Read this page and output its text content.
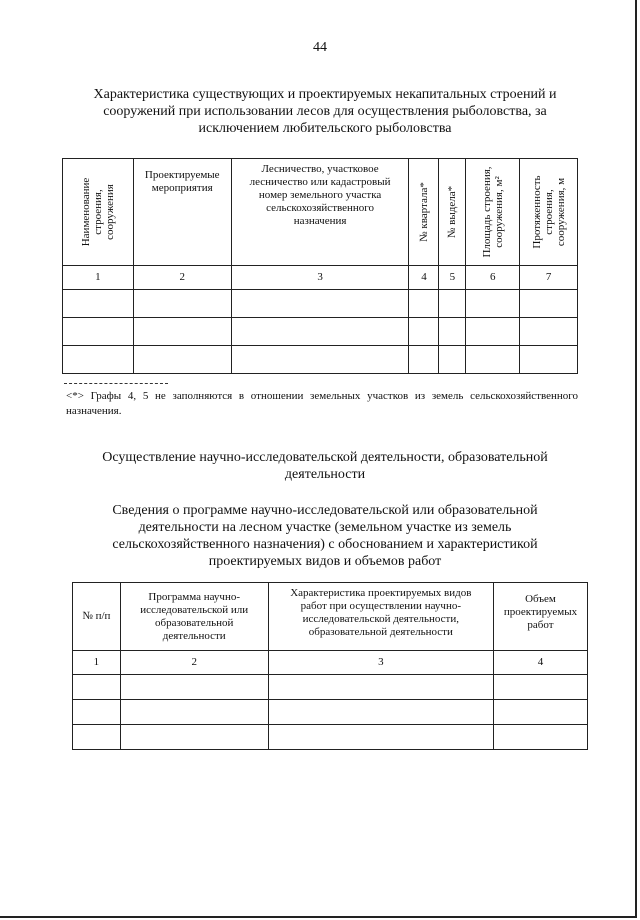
44
Характеристика существующих и проектируемых некапитальных строений и
сооружений при использовании лесов для осуществления рыболовства, за
исключением любительского рыболовства
Наименование строения, сооружения	Проектируемые мероприятия	Лесничество, участковое лесничество или кадастровый номер земельного участка сельскохозяйственного назначения	№ квартала*	№ выдела*	Площадь строения, сооружения, м²	Протяженность строения, сооружения, м

1	2	3	4	5	6	7

<*> Графы 4, 5 не заполняются в отношении земельных участков из земель сельскохозяйственного назначения.
Осуществление научно-исследовательской деятельности, образовательной
деятельности
Сведения о программе научно-исследовательской или образовательной
деятельности на лесном участке (земельном участке из земель
сельскохозяйственного назначения) с обоснованием и характеристикой
проектируемых видов и объемов работ
№ п/п	Программа научно-исследовательской или образовательной деятельности	Характеристика проектируемых видов работ при осуществлении научно-исследовательской деятельности, образовательной деятельности	Объем проектируемых работ

1	2	3	4
